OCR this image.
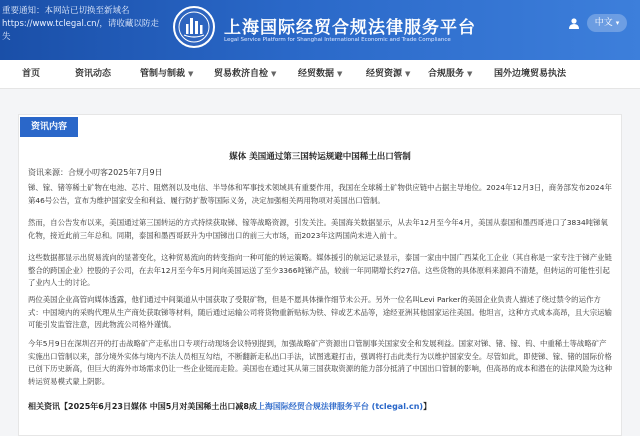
重要通知：本网站已切换至新域名 https://www.tclegal.cn/，请收藏以防走失	上海国际经贸合规法律服务平台
Legal Service Platform for Shanghai International Economic and Trade Compliance
中文 ▾
首页	资讯动态	管制与制裁 ▼ 贸易救济自检 ▼ 经贸数据 ▼	经贸资源 ▼ 合规服务 ▼ 国外边境贸易执法
资讯内容
媒体 美国通过第三国转运规避中国稀土出口管制
资讯来源：合规小叨客2025年7月9日

锑、镓、锗等稀土矿物在电池、芯片、阻燃剂以及电信、半导体和军事技术领域具有重要作用，我国在全球稀土矿物供应链中占据主导地位。2024年12月3日，商务部发布2024年第46号公告，宣布为维护国家安全和利益、履行防扩散等国际义务，决定加强相关两用物项对美国出口管制。

然而，自公告发布以来，美国通过第三国转运的方式持续获取锑、镓等战略资源，引发关注。美国海关数据显示，从去年12月至今年4月，美国从泰国和墨西哥进口了3834吨锑氧化物，接近此前三年总和。同期，泰国和墨西哥跃升为中国锑出口的前三大市场，而2023年这两国尚未进入前十。

这些数据都显示出贸易流向的显著变化，这种贸易流向的转变指向一种可能的转运策略。媒体援引的航运记录显示，泰国一家由中国广西某化工企业（其自称是一家专注于锑产业链整合的跨国企业）控股的子公司，在去年12月至今年5月间向美国运送了至少3366吨锑产品，较前一年同期增长约27倍。这些货物的具体原料来源尚不清楚，但转运的可能性引起了业内人士的讨论。

两位美国企业高管向媒体透露，他们通过中间渠道从中国获取了受限矿物，但是不愿具体操作细节未公开。另外一位名叫Levi Parker的美国企业负责人描述了绕过禁令的运作方式：中国境内的采购代理从生产商处获取锑等材料，随后通过运输公司将货物重新贴标为铁、锌或艺术品等，途经亚洲其他国家运往美国。他坦言，这种方式成本高昂，且大宗运输可能引发监管注意，因此物流公司格外谨慎。

今年5月9日在深圳召开的打击战略矿产走私出口专项行动现场会议特别提到，加强战略矿产资源出口管制事关国家安全和发展利益。国家对锑、锗、镓、钨、中重稀土等战略矿产实施出口管制以来，部分境外实体与境内不法人员相互勾结，不断翻新走私出口手法，试图逃避打击，强调将打击此类行为以维护国家安全。尽管如此，即使锑、镓、锗的国际价格已创下历史新高，但巨大的海外市场需求仍让一些企业铤而走险。美国也在通过其从第三国获取资源的能力部分抵消了中国出口管制的影响，但高昂的成本和潜在的法律风险为这种转运贸易模式蒙上阴影。

相关资讯【2025年6月23日媒体 中国5月对美国稀土出口减8成上海国际经贸合规法律服务平台 (tclegal.cn)】
